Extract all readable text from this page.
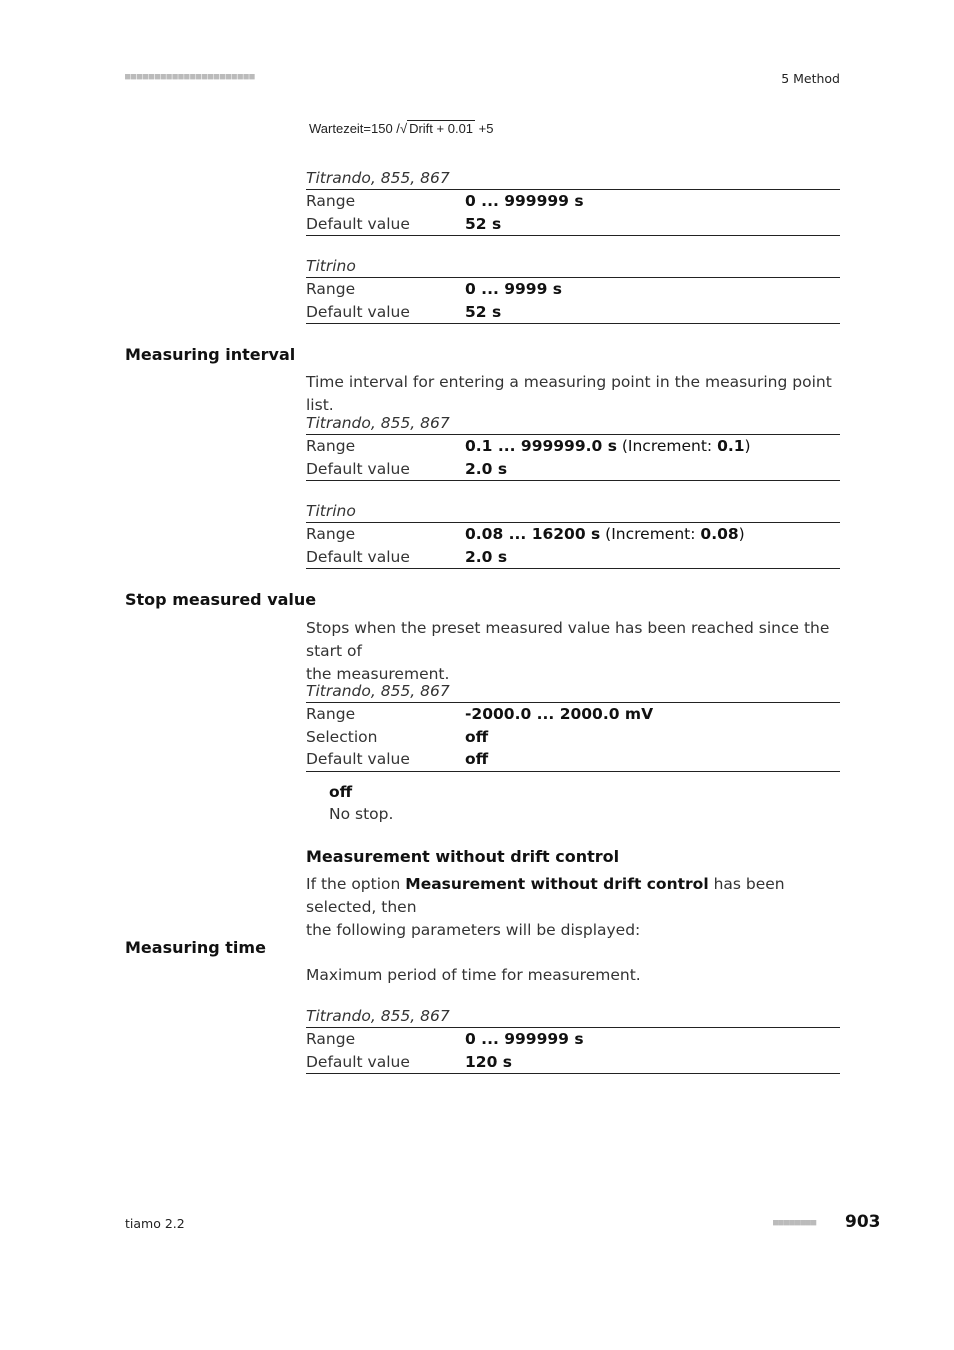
■■■■■■■■■■■■■■■■■■■■■■	5 Method
Wartezeit=150 /√ Drift + 0.01 +5
Titrando, 855, 867
Range	0 ... 999999 s
Default value	52 s
Titrino
Range	0 ... 9999 s
Default value	52 s
Measuring interval
Time interval for entering a measuring point in the measuring point list.
Titrando, 855, 867
Range	0.1 ... 999999.0 s (Increment: 0.1)
Default value	2.0 s
Titrino
Range	0.08 ... 16200 s (Increment: 0.08)
Default value	2.0 s
Stop measured value
Stops when the preset measured value has been reached since the start of
the measurement.
Titrando, 855, 867
Range	-2000.0 ... 2000.0 mV
Selection	off
Default value	off
off
No stop.
Measurement without drift control
If the option Measurement without drift control has been selected, then
the following parameters will be displayed:
Measuring time
Maximum period of time for measurement.
Titrando, 855, 867
Range	0 ... 999999 s
Default value	120 s
tiamo 2.2	■■■■■■■■ 903
